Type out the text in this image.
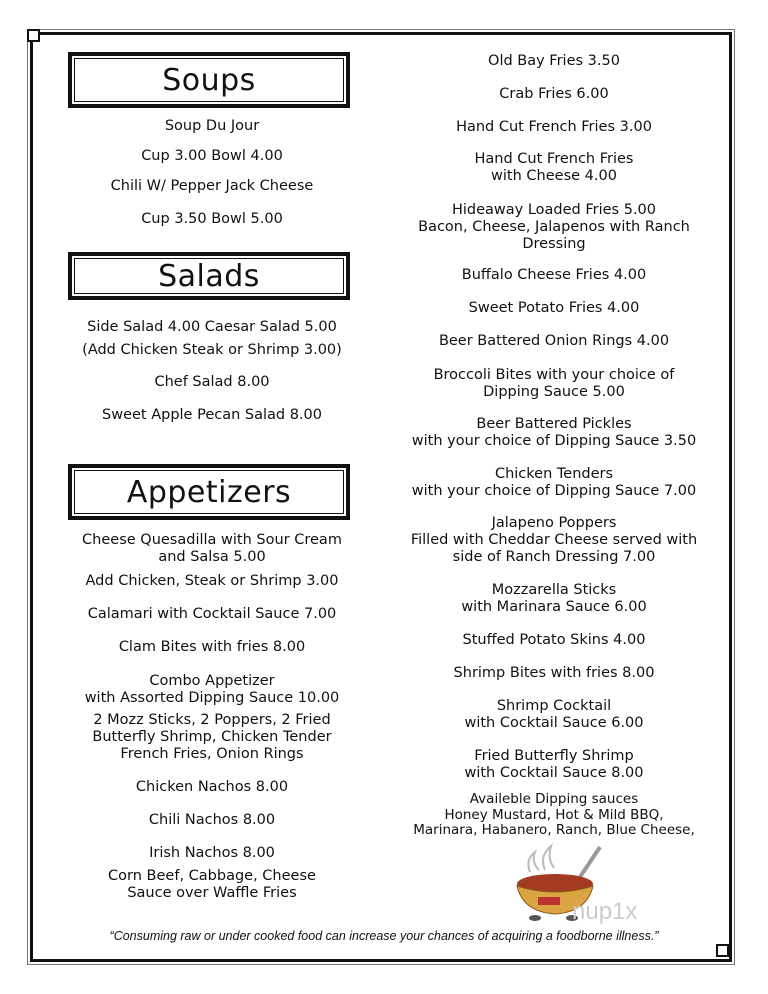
Soups
Soup Du Jour
Cup 3.00 Bowl 4.00
Chili W/ Pepper Jack Cheese
Cup 3.50 Bowl 5.00
Salads
Side Salad 4.00 Caesar Salad 5.00
(Add Chicken Steak or Shrimp 3.00)
Chef Salad 8.00
Sweet Apple Pecan Salad 8.00
Appetizers
Cheese Quesadilla with Sour Cream
and Salsa 5.00
Add Chicken, Steak or Shrimp 3.00
Calamari with Cocktail Sauce 7.00
Clam Bites with fries 8.00
Combo Appetizer
with Assorted Dipping Sauce 10.00
2 Mozz Sticks, 2 Poppers, 2 Fried
Butterfly Shrimp, Chicken Tender
French Fries, Onion Rings
Chicken Nachos 8.00
Chili Nachos 8.00
Irish Nachos 8.00
Corn Beef, Cabbage, Cheese
Sauce over Waffle Fries
Old Bay Fries 3.50
Crab Fries 6.00
Hand Cut French Fries 3.00
Hand Cut French Fries
with Cheese 4.00
Hideaway Loaded Fries 5.00
Bacon, Cheese, Jalapenos with Ranch
Dressing
Buffalo Cheese Fries 4.00
Sweet Potato Fries 4.00
Beer Battered Onion Rings 4.00
Broccoli Bites with your choice of
Dipping Sauce 5.00
Beer Battered Pickles
with your choice of Dipping Sauce 3.50
Chicken Tenders
with your choice of Dipping Sauce 7.00
Jalapeno Poppers
Filled with Cheddar Cheese served with
side of Ranch Dressing 7.00
Mozzarella Sticks
with Marinara Sauce 6.00
Stuffed Potato Skins 4.00
Shrimp Bites with fries 8.00
Shrimp Cocktail
with Cocktail Sauce 6.00
Fried Butterfly Shrimp
with Cocktail Sauce 8.00
Availeble Dipping sauces
Honey Mustard, Hot & Mild BBQ,
Marinara, Habanero, Ranch, Blue Cheese,
nup1x
“Consuming raw or under cooked food can increase your chances of acquiring a foodborne illness.”
